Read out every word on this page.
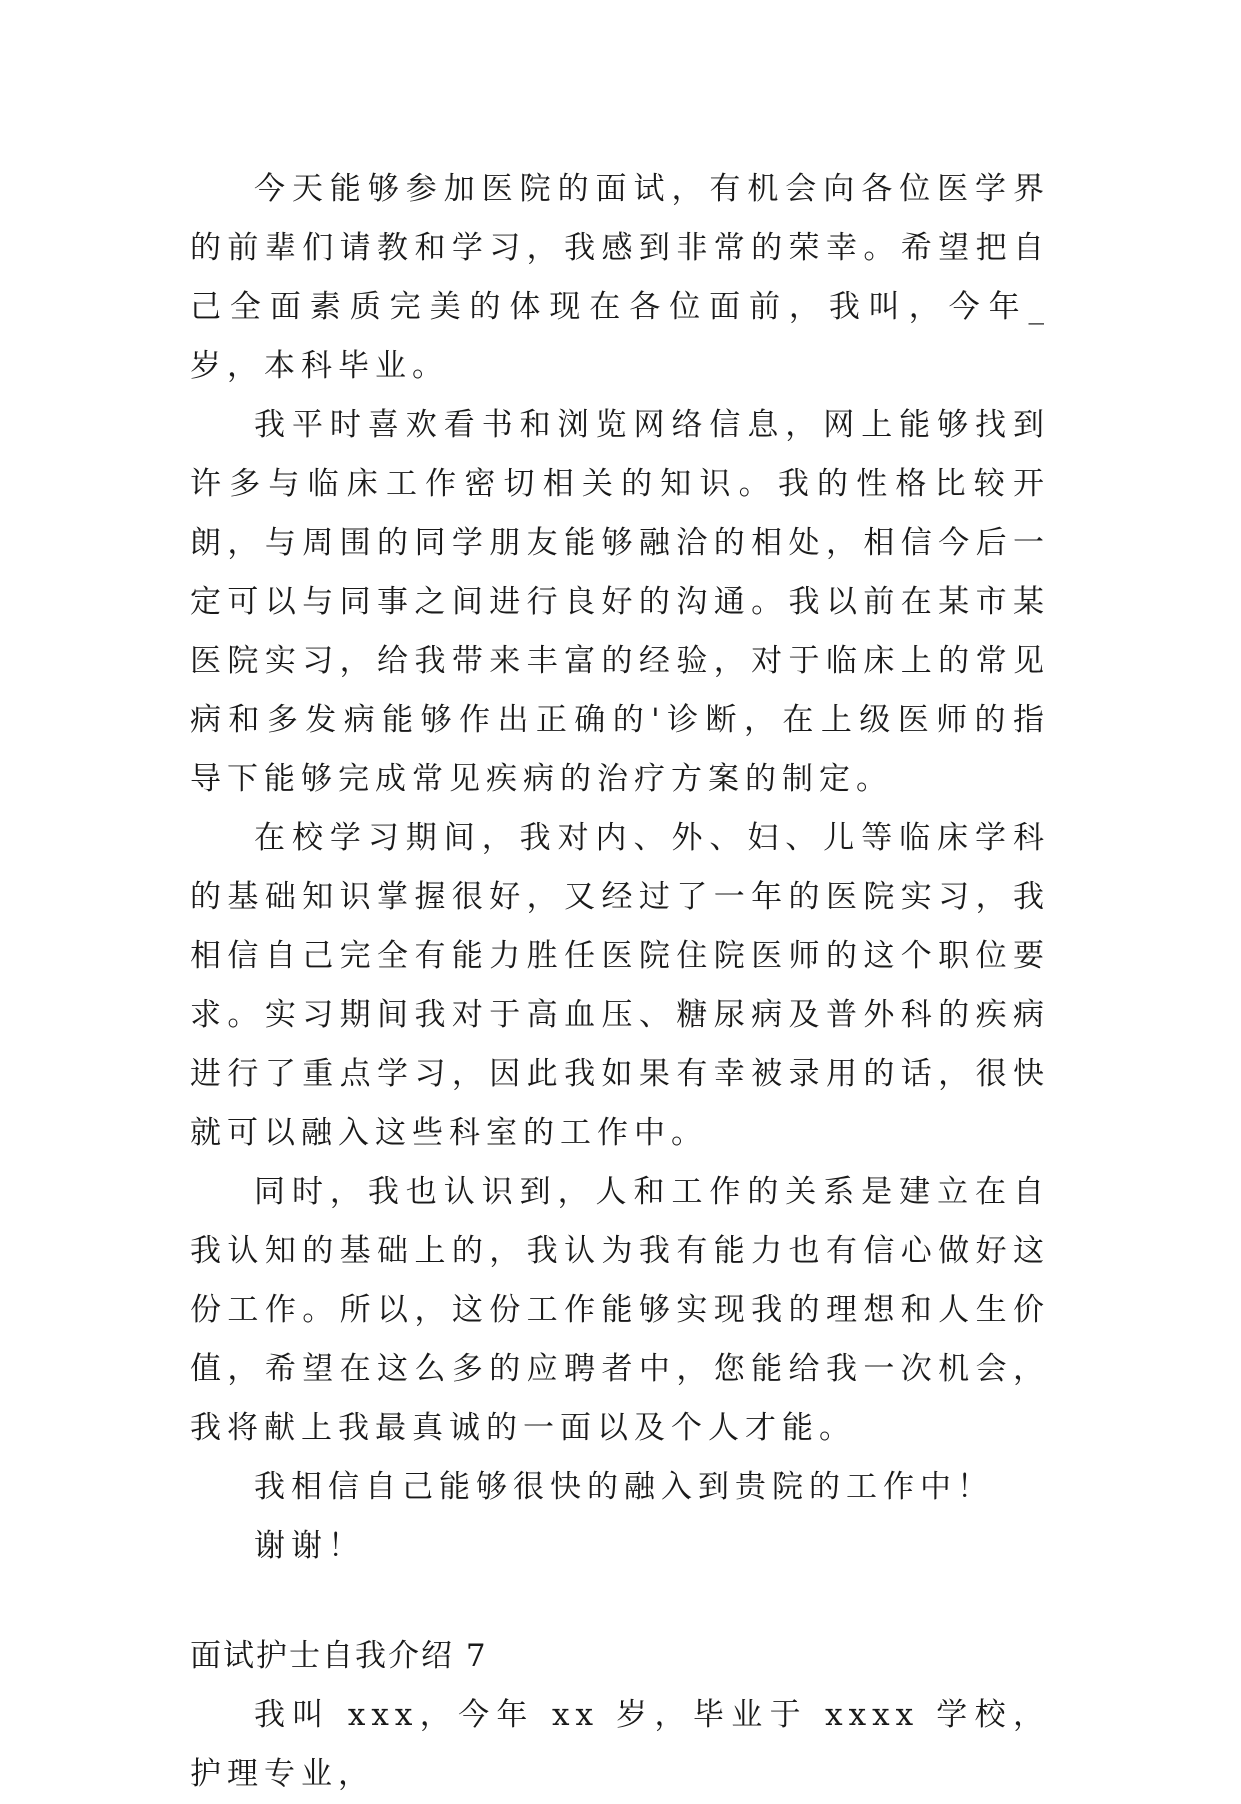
今天能够参加医院的面试，有机会向各位医学界的前辈们请教和学习，我感到非常的荣幸。希望把自己全面素质完美的体现在各位面前，我叫，今年_岁，本科毕业。

我平时喜欢看书和浏览网络信息，网上能够找到许多与临床工作密切相关的知识。我的性格比较开朗，与周围的同学朋友能够融洽的相处，相信今后一定可以与同事之间进行良好的沟通。我以前在某市某医院实习，给我带来丰富的经验，对于临床上的常见病和多发病能够作出正确的'诊断，在上级医师的指导下能够完成常见疾病的治疗方案的制定。

在校学习期间，我对内、外、妇、儿等临床学科的基础知识掌握很好，又经过了一年的医院实习，我相信自己完全有能力胜任医院住院医师的这个职位要求。实习期间我对于高血压、糖尿病及普外科的疾病进行了重点学习，因此我如果有幸被录用的话，很快就可以融入这些科室的工作中。

同时，我也认识到，人和工作的关系是建立在自我认知的基础上的，我认为我有能力也有信心做好这份工作。所以，这份工作能够实现我的理想和人生价值，希望在这么多的应聘者中，您能给我一次机会，我将献上我最真诚的一面以及个人才能。

我相信自己能够很快的融入到贵院的工作中！

谢谢！

面试护士自我介绍 7

我叫 xxx，今年 xx 岁，毕业于 xxxx 学校，护理专业，
